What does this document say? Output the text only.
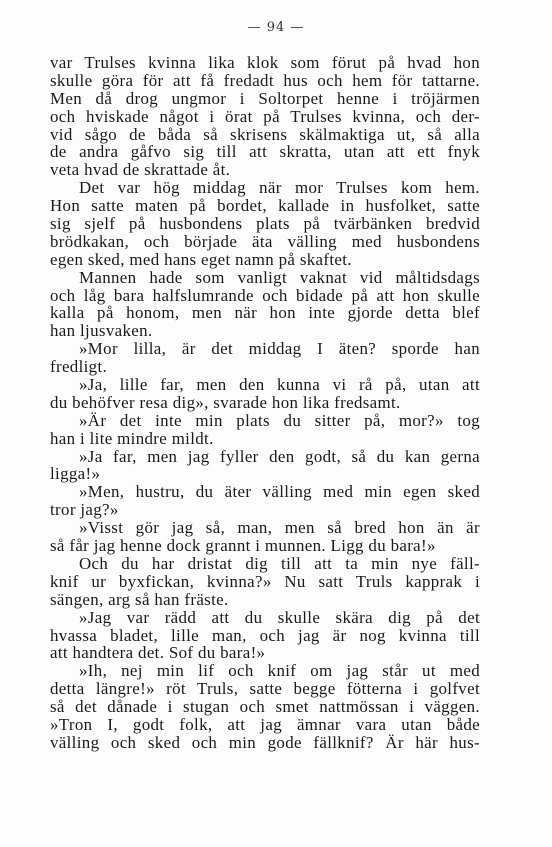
— 94 —
var Trulses kvinna lika klok som förut på hvad hon
skulle göra för att få fredadt hus och hem för tattarne.
Men då drog ungmor i Soltorpet henne i tröjärmen
och hviskade något i örat på Trulses kvinna, och der-
vid sågo de båda så skrisens skälmaktiga ut, så alla
de andra gåfvo sig till att skratta, utan att ett fnyk
veta hvad de skrattade åt.
Det var hög middag när mor Trulses kom hem.
Hon satte maten på bordet, kallade in husfolket, satte
sig sjelf på husbondens plats på tvärbänken bredvid
brödkakan, och började äta välling med husbondens
egen sked, med hans eget namn på skaftet.
Mannen hade som vanligt vaknat vid måltidsdags
och låg bara halfslumrande och bidade på att hon skulle
kalla på honom, men när hon inte gjorde detta blef
han ljusvaken.
»Mor lilla, är det middag I äten? sporde han
fredligt.
»Ja, lille far, men den kunna vi rå på, utan att
du behöfver resa dig», svarade hon lika fredsamt.
»Är det inte min plats du sitter på, mor?» tog
han i lite mindre mildt.
»Ja far, men jag fyller den godt, så du kan gerna
ligga!»
»Men, hustru, du äter välling med min egen sked
tror jag?»
»Visst gör jag så, man, men så bred hon än är
så får jag henne dock grannt i munnen. Ligg du bara!»
Och du har dristat dig till att ta min nye fäll-
knif ur byxfickan, kvinna?» Nu satt Truls kapprak i
sängen, arg så han fräste.
»Jag var rädd att du skulle skära dig på det
hvassa bladet, lille man, och jag är nog kvinna till
att handtera det. Sof du bara!»
»Ih, nej min lif och knif om jag står ut med
detta längre!» röt Truls, satte begge fötterna i golfvet
så det dånade i stugan och smet nattmössan i väggen.
»Tron I, godt folk, att jag ämnar vara utan både
välling och sked och min gode fällknif? Är här hus-
